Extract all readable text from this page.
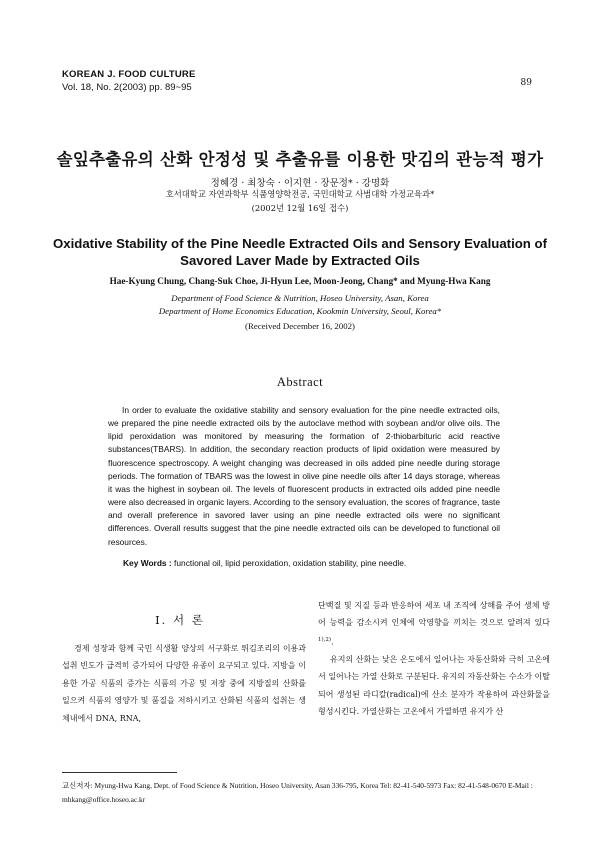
KOREAN J. FOOD CULTURE
Vol. 18, No. 2(2003) pp. 89~95	89
솔잎추출유의 산화 안정성 및 추출유를 이용한 맛김의 관능적 평가
정혜경 · 최창숙 · 이지현 · 장문정* · 강명화
호서대학교 자연과학부 식품영양학전공, 국민대학교 사범대학 가정교육과*
(2002년 12월 16일 접수)
Oxidative Stability of the Pine Needle Extracted Oils and Sensory Evaluation of Savored Laver Made by Extracted Oils
Hae-Kyung Chung, Chang-Suk Choe, Ji-Hyun Lee, Moon-Jeong, Chang* and Myung-Hwa Kang
Department of Food Science & Nutrition, Hoseo University, Asan, Korea
Department of Home Economics Education, Kookmin University, Seoul, Korea*
(Received December 16, 2002)
Abstract
In order to evaluate the oxidative stability and sensory evaluation for the pine needle extracted oils, we prepared the pine needle extracted oils by the autoclave method with soybean and/or olive oils. The lipid peroxidation was monitored by measuring the formation of 2-thiobarbituric acid reactive substances(TBARS). In addition, the secondary reaction products of lipid oxidation were measured by fluorescence spectroscopy. A weight changing was decreased in oils added pine needle during storage periods. The formation of TBARS was the lowest in olive pine needle oils after 14 days storage, whereas it was the highest in soybean oil. The levels of fluorescent products in extracted oils added pine needle were also decreased in organic layers. According to the sensory evaluation, the scores of fragrance, taste and overall preference in savored laver using an pine needle extracted oils were no significant differences. Overall results suggest that the pine needle extracted oils can be developed to functional oil resources.
Key Words : functional oil, lipid peroxidation, oxidation stability, pine needle.
I. 서 론

경제 성장과 함께 국민 식생활 양상의 서구화로 튀김조리의 이용과 섭취 빈도가 급격히 증가되어 다양한 유종이 요구되고 있다. 지방을 이용한 가공 식품의 증가는 식품의 가공 및 저장 중에 지방질의 산화를 일으켜 식품의 영양가 및 품질을 저하시키고 산화된 식품의 섭취는 생체내에서 DNA, RNA,

단백질 및 지질 등과 반응하여 세포 내 조직에 상해를 주어 생체 방어 능력을 감소시켜 인체에 악영향을 끼치는 것으로 알려져 있다$^{1),2)}$.

유지의 산화는 낮은 온도에서 일어나는 자동산화와 극히 고온에서 일어나는 가열 산화로 구분된다. 유지의 자동산화는 수소가 이탈되어 생성된 라디칼(radical)에 산소 분자가 작용하여 과산화물을 형성시킨다. 가열산화는 고온에서 가열하면 유지가 산

교신저자: Myung-Hwa Kang, Dept. of Food Science & Nutrition, Hoseo University, Asan 336-795, Korea Tel: 82-41-540-5973 Fax: 82-41-548-0670 E-Mail : mhkang@office.hoseo.ac.kr
